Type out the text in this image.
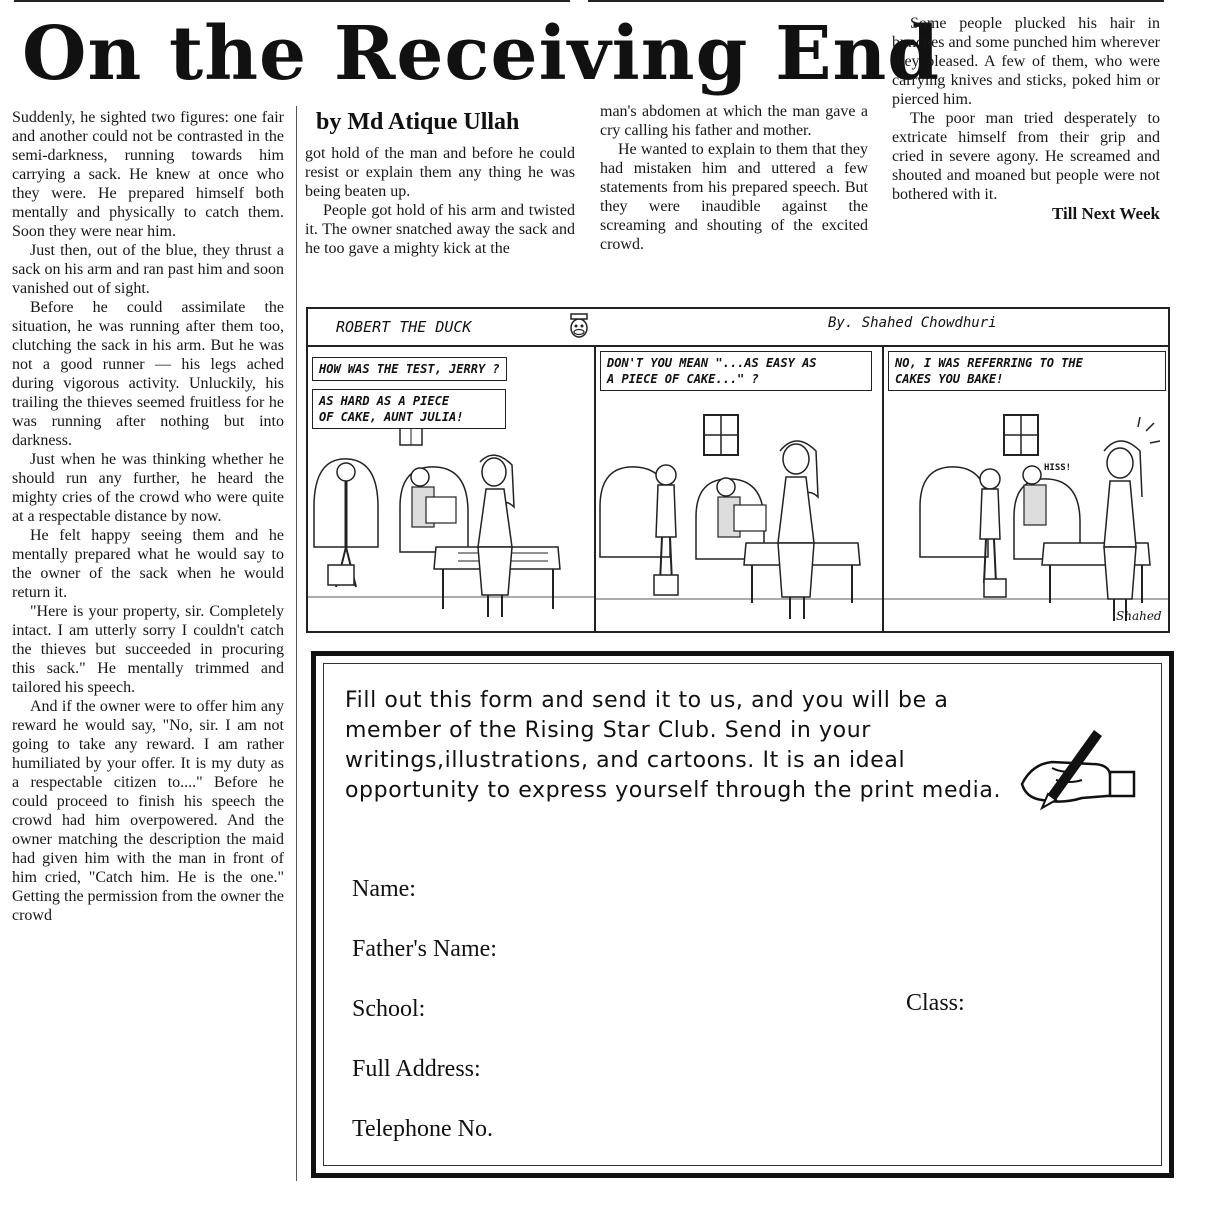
On the Receiving End
by Md Atique Ullah

Suddenly, he sighted two figures: one fair and another could not be contrasted in the semi-darkness, running towards him carrying a sack. He knew at once who they were. He prepared himself both mentally and physically to catch them. Soon they were near him.

Just then, out of the blue, they thrust a sack on his arm and ran past him and soon vanished out of sight.

Before he could assimilate the situation, he was running after them too, clutching the sack in his arm. But he was not a good runner — his legs ached during vigorous activity. Unluckily, his trailing the thieves seemed fruitless for he was running after nothing but into darkness.

Just when he was thinking whether he should run any further, he heard the mighty cries of the crowd who were quite at a respectable distance by now.

He felt happy seeing them and he mentally prepared what he would say to the owner of the sack when he would return it.

"Here is your property, sir. Completely intact. I am utterly sorry I couldn't catch the thieves but succeeded in procuring this sack." He mentally trimmed and tailored his speech.

And if the owner were to offer him any reward he would say, "No, sir. I am not going to take any reward. I am rather humiliated by your offer. It is my duty as a respectable citizen to...." Before he could proceed to finish his speech the crowd had him overpowered. And the owner matching the description the maid had given him with the man in front of him cried, "Catch him. He is the one." Getting the permission from the owner the crowd

got hold of the man and before he could resist or explain them any thing he was being beaten up.

People got hold of his arm and twisted it. The owner snatched away the sack and he too gave a mighty kick at the

man's abdomen at which the man gave a cry calling his father and mother.

He wanted to explain to them that they had mistaken him and uttered a few statements from his prepared speech. But they were inaudible against the screaming and shouting of the excited crowd.

Some people plucked his hair in bunches and some punched him wherever they pleased. A few of them, who were carrying knives and sticks, poked him or pierced him.

The poor man tried desperately to extricate himself from their grip and cried in severe agony. He screamed and shouted and moaned but people were not bothered with it.

Till Next Week

ROBERT THE DUCK	By. Shahed Chowdhuri
HOW WAS THE TEST, JERRY ?
AS HARD AS A PIECE
OF CAKE, AUNT JULIA!
DON'T YOU MEAN "...AS EASY AS
A PIECE OF CAKE..." ?
NO, I WAS REFERRING TO THE
CAKES YOU BAKE!
HISS!
Shahed

Fill out this form and send it to us, and you will be a member of the Rising Star Club. Send in your writings,illustrations, and cartoons. It is an ideal opportunity to express yourself through the print media.

Name:
Father's Name:
School:	Class:
Full Address:
Telephone No.
